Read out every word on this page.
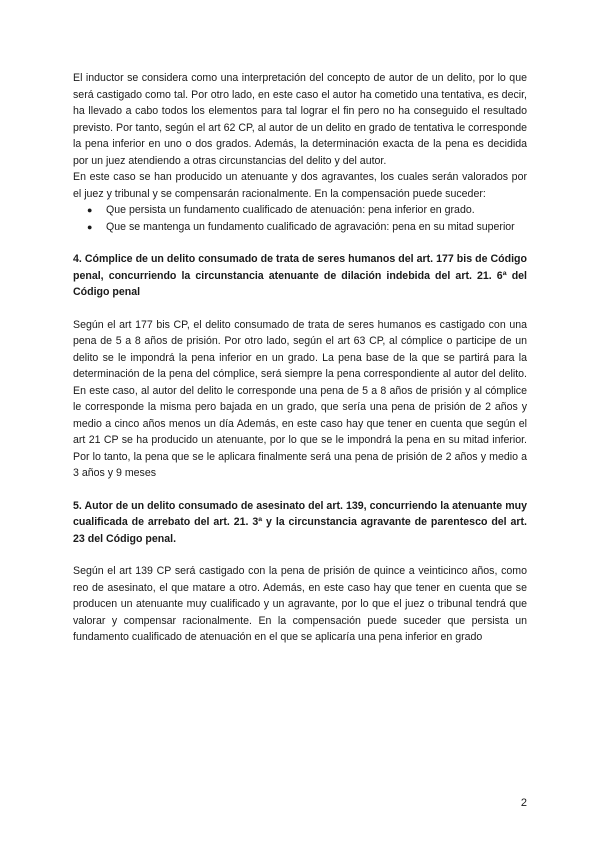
El inductor se considera como una interpretación del concepto de autor de un delito, por lo que será castigado como tal. Por otro lado, en este caso el autor ha cometido una tentativa, es decir, ha llevado a cabo todos los elementos para tal lograr el fin pero no ha conseguido el resultado previsto. Por tanto, según el art 62 CP, al autor de un delito en grado de tentativa le corresponde la pena inferior en uno o dos grados. Además, la determinación exacta de la pena es decidida por un juez atendiendo a otras circunstancias del delito y del autor.

En este caso se han producido un atenuante y dos agravantes, los cuales serán valorados por el juez y tribunal y se compensarán racionalmente. En la compensación puede suceder:

● Que persista un fundamento cualificado de atenuación: pena inferior en grado.
● Que se mantenga un fundamento cualificado de agravación: pena en su mitad superior

4. Cómplice de un delito consumado de trata de seres humanos del art. 177 bis de Código penal, concurriendo la circunstancia atenuante de dilación indebida del art. 21. 6ª del Código penal

Según el art 177 bis CP, el delito consumado de trata de seres humanos es castigado con una pena de 5 a 8 años de prisión. Por otro lado, según el art 63 CP, al cómplice o participe de un delito se le impondrá la pena inferior en un grado. La pena base de la que se partirá para la determinación de la pena del cómplice, será siempre la pena correspondiente al autor del delito. En este caso, al autor del delito le corresponde una pena de 5 a 8 años de prisión y al cómplice le corresponde la misma pero bajada en un grado, que sería una pena de prisión de 2 años y medio a cinco años menos un día Además, en este caso hay que tener en cuenta que según el art 21 CP se ha producido un atenuante, por lo que se le impondrá la pena en su mitad inferior. Por lo tanto, la pena que se le aplicara finalmente será una pena de prisión de 2 años y medio a 3 años y 9 meses

5. Autor de un delito consumado de asesinato del art. 139, concurriendo la atenuante muy cualificada de arrebato del art. 21. 3ª y la circunstancia agravante de parentesco del art. 23 del Código penal.

Según el art 139 CP será castigado con la pena de prisión de quince a veinticinco años, como reo de asesinato, el que matare a otro. Además, en este caso hay que tener en cuenta que se producen un atenuante muy cualificado y un agravante, por lo que el juez o tribunal tendrá que valorar y compensar racionalmente. En la compensación puede suceder que persista un fundamento cualificado de atenuación en el que se aplicaría una pena inferior en grado

2
